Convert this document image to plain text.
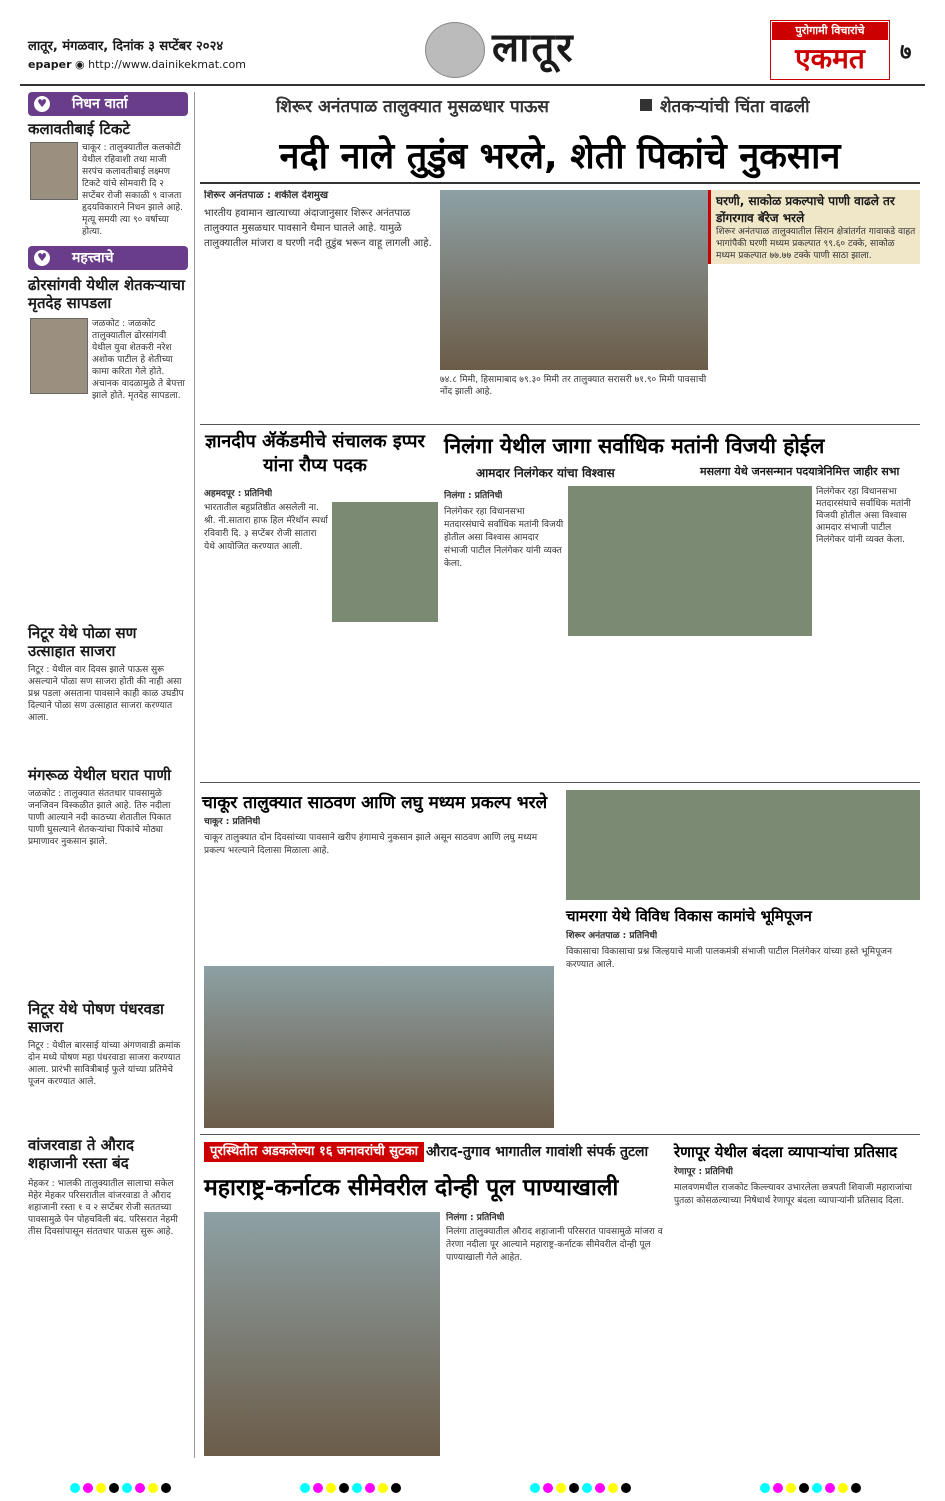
लातूर, मंगळवार, दिनांक ३ सप्टेंबर २०२४
epaper ◉ http://www.dainikekmat.com	लातूर	पुरोगामी विचारांचे
एकमत	७
निधन वार्ता
♥
कलावतीबाई टिकटे
चाकूर : तालुक्यातील कलकोटी येथील रहिवाशी तथा माजी सरपंच कलावतीबाई लक्ष्मण टिकटे यांचे सोमवारी दि २ सप्टेंबर रोजी सकाळी ९ वाजता हृदयविकाराने निधन झाले आहे. मृत्यू समयी त्या ९० वर्षाच्या होत्या.
महत्त्वाचे
♥
ढोरसांगवी येथील शेतकऱ्याचा मृतदेह सापडला
जळकोट : जळकोट तालुक्यातील ढोरसांगवी येथील युवा शेतकरी नरेश अशोक पाटील हे शेतीच्या कामा करिता गेले होते. अचानक वादळामुळे ते बेपत्ता झाले होते. मृतदेह सापडला.
निटूर येथे पोळा सण उत्साहात साजरा
निटूर : येथील वार दिवस झाले पाऊस सुरू असल्याने पोळा सण साजरा होती की नाही असा प्रश्न पडला असताना पावसाने काही काळ उघडीप दिल्याने पोळा सण उत्साहात साजरा करण्यात आला.
मंगरूळ येथील घरात पाणी
जळकोट : तालुक्यात संततधार पावसामुळे जनजिवन विस्कळीत झाले आहे. तिरु नदीला पाणी आल्याने नदी काठच्या शेतातील पिकात पाणी घुसल्याने शेतकऱ्यांचा पिकांचे मोठ्या प्रमाणावर नुकसान झाले.
निटूर येथे पोषण पंधरवडा साजरा
निटूर : येथील बारसाई यांच्या अंगणवाडी क्रमांक दोन मध्ये पोषण महा पंधरवाडा साजरा करण्यात आला. प्रारंभी सावित्रीबाई फुले यांच्या प्रतिमेचे पूजन करण्यात आले.
वांजरवाडा ते औराद शहाजानी रस्ता बंद
मेहकर : भालकी तालुक्यातील सालाचा सकेल मेहेर मेहकर परिसरातील वांजरवाडा ते औराद शहाजानी रस्ता १ व २ सप्टेंबर रोजी सततच्या पावसामुळे पेन पोहचविली बंद. परिसरात नेहमी तीस दिवसांपासून संततधार पाऊस सुरू आहे.
शिरूर अनंतपाळ तालुक्यात मुसळधार पाऊस	शेतकऱ्यांची चिंता वाढली
नदी नाले तुडुंब भरले, शेती पिकांचे नुकसान
शिरूर अनंतपाळ : शकील देशमुख
भारतीय हवामान खात्याच्या अंदाजानुसार शिरूर अनंतपाळ तालुक्यात मुसळधार पावसाने थैमान घातले आहे. यामुळे तालुक्यातील मांजरा व घरणी नदी तुडुंब भरून वाहू लागली आहे.
७४.८ मिमी, हिसामाबाद ७९.३० मिमी तर तालुक्यात सरासरी ७१.९० मिमी पावसाची नोंद झाली आहे.
घरणी, साकोळ प्रकल्पाचे पाणी वाढले तर डोंगरगाव बॅरेज भरले
शिरूर अनंतपाळ तालुक्यातील सिरान क्षेत्रांतर्गत गावाकडे वाहत भागांपैकी घरणी मध्यम प्रकल्पात ९९.६० टक्के, साकोळ मध्यम प्रकल्पात ७७.७७ टक्के पाणी साठा झाला.
ज्ञानदीप ॲकॅडमीचे संचालक इप्पर यांना रौप्य पदक
अहमदपूर : प्रतिनिधी
भारतातील बहुप्रतिष्ठीत असलेली ना. श्री. नी.सातारा हाफ हिल मॅरेथॉन स्पर्धा रविवारी दि. ३ सप्टेंबर रोजी सातारा येथे आयोजित करण्यात आली.
निलंगा येथील जागा सर्वाधिक मतांनी विजयी होईल
आमदार निलंगेकर यांचा विश्वास	मसलगा येथे जनसन्मान पदयात्रेनिमित्त जाहीर सभा
निलंगा : प्रतिनिधी
निलंगेकर रहा विधानसभा मतदारसंघाचे सर्वाधिक मतांनी विजयी होतील असा विश्वास आमदार संभाजी पाटील निलंगेकर यांनी व्यक्त केला.
निलंगेकर रहा विधानसभा मतदारसंघाचे सर्वाधिक मतांनी विजयी होतील असा विश्वास आमदार संभाजी पाटील निलंगेकर यांनी व्यक्त केला.
चाकूर तालुक्यात साठवण आणि लघु मध्यम प्रकल्प भरले
चाकूर : प्रतिनिधी
चाकूर तालुक्यात दोन दिवसांच्या पावसाने खरीप हंगामाचे नुकसान झाले असून साठवण आणि लघु मध्यम प्रकल्प भरल्याने दिलासा मिळाला आहे.
चामरगा येथे विविध विकास कामांचे भूमिपूजन
शिरूर अनंतपाळ : प्रतिनिधी
विकासाचा विकासाचा प्रश्न जिल्हयाचे माजी पालकमंत्री संभाजी पाटील निलंगेकर यांच्या हस्ते भूमिपूजन करण्यात आले.
पूरस्थितीत अडकलेल्या १६ जनावरांची सुटका औराद-तुगाव भागातील गावांशी संपर्क तुटला
महाराष्ट्र-कर्नाटक सीमेवरील दोन्ही पूल पाण्याखाली
निलंगा : प्रतिनिधी
निलंगा तालुक्यातील औराद शहाजानी परिसरात पावसामुळे मांजरा व तेरणा नदीला पूर आल्याने महाराष्ट्र-कर्नाटक सीमेवरील दोन्ही पूल पाण्याखाली गेले आहेत.
रेणापूर येथील बंदला व्यापाऱ्यांचा प्रतिसाद
रेणापूर : प्रतिनिधी
मालवणमधील राजकोट किल्ल्यावर उभारलेला छत्रपती शिवाजी महाराजांचा पुतळा कोसळल्याच्या निषेधार्थ रेणापूर बंदला व्यापाऱ्यांनी प्रतिसाद दिला.
